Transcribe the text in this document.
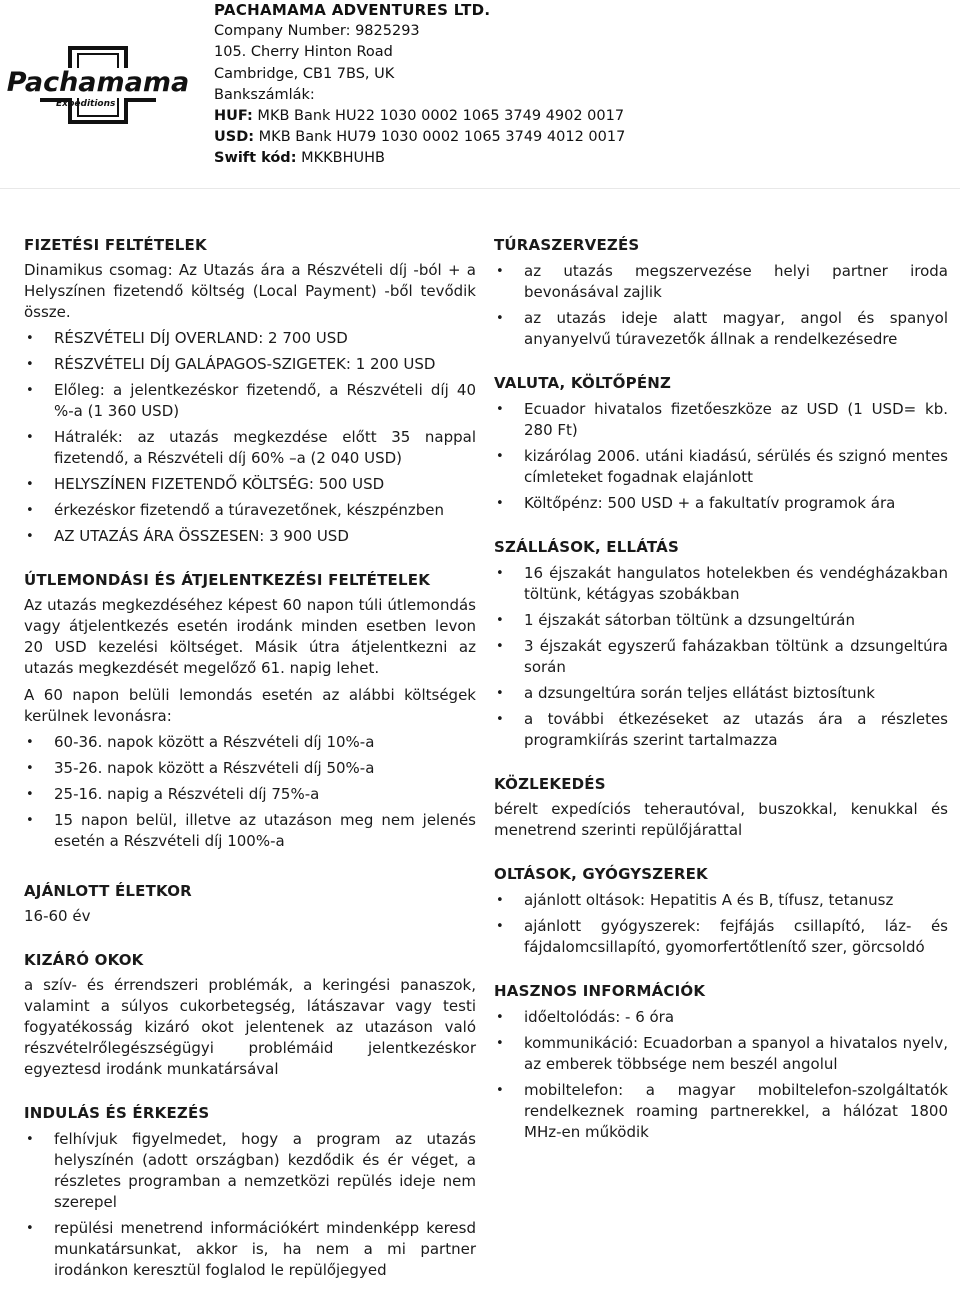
Pachamama
Expeditions
PACHAMAMA ADVENTURES LTD.
Company Number: 9825293
105. Cherry Hinton Road
Cambridge, CB1 7BS, UK
Bankszámlák:
HUF: MKB Bank HU22 1030 0002 1065 3749 4902 0017
USD: MKB Bank HU79 1030 0002 1065 3749 4012 0017
Swift kód: MKKBHUHB
FIZETÉSI FELTÉTELEK

Dinamikus csomag: Az Utazás ára a Részvételi díj -ból + a Helyszínen fizetendő költség (Local Payment) -ből tevődik össze.

• RÉSZVÉTELI DÍJ OVERLAND: 2 700 USD
• RÉSZVÉTELI DÍJ GALÁPAGOS-SZIGETEK: 1 200 USD
• Előleg: a jelentkezéskor fizetendő, a Részvételi díj 40 %-a (1 360 USD)
• Hátralék: az utazás megkezdése előtt 35 nappal fizetendő, a Részvételi díj 60% –a (2 040 USD)
• HELYSZÍNEN FIZETENDŐ KÖLTSÉG: 500 USD
• érkezéskor fizetendő a túravezetőnek, készpénzben
• AZ UTAZÁS ÁRA ÖSSZESEN: 3 900 USD
ÚTLEMONDÁSI ÉS ÁTJELENTKEZÉSI FELTÉTELEK

Az utazás megkezdéséhez képest 60 napon túli útlemondás vagy átjelentkezés esetén irodánk minden esetben levon 20 USD kezelési költséget. Másik útra átjelentkezni az utazás megkezdését megelőző 61. napig lehet.

A 60 napon belüli lemondás esetén az alábbi költségek kerülnek levonásra:

• 60-36. napok között a Részvételi díj 10%-a
• 35-26. napok között a Részvételi díj 50%-a
• 25-16. napig a Részvételi díj 75%-a
• 15 napon belül, illetve az utazáson meg nem jelenés esetén a Részvételi díj 100%-a
AJÁNLOTT ÉLETKOR

16-60 év

KIZÁRÓ OKOK

a szív- és érrendszeri problémák, a keringési panaszok, valamint a súlyos cukorbetegség, látászavar vagy testi fogyatékosság kizáró okot jelentenek az utazáson való részvételrőlegészségügyi problémáid jelentkezéskor egyeztesd irodánk munkatársával

INDULÁS ÉS ÉRKEZÉS
• felhívjuk figyelmedet, hogy a program az utazás helyszínén (adott országban) kezdődik és ér véget, a részletes programban a nemzetközi repülés ideje nem szerepel
• repülési menetrend információkért mindenképp keresd munkatársunkat, akkor is, ha nem a mi partner irodánkon keresztül foglalod le repülőjegyed
TÚRASZERVEZÉS
• az utazás megszervezése helyi partner iroda bevonásával zajlik
• az utazás ideje alatt magyar, angol és spanyol anyanyelvű túravezetők állnak a rendelkezésedre
VALUTA, KÖLTŐPÉNZ
• Ecuador hivatalos fizetőeszköze az USD (1 USD= kb. 280 Ft)
• kizárólag 2006. utáni kiadású, sérülés és szignó mentes címleteket fogadnak elajánlott
• Költőpénz: 500 USD + a fakultatív programok ára
SZÁLLÁSOK, ELLÁTÁS
• 16 éjszakát hangulatos hotelekben és vendégházakban töltünk, kétágyas szobákban
• 1 éjszakát sátorban töltünk a dzsungeltúrán
• 3 éjszakát egyszerű faházakban töltünk a dzsungeltúra során
• a dzsungeltúra során teljes ellátást biztosítunk
• a további étkezéseket az utazás ára a részletes programkiírás szerint tartalmazza
KÖZLEKEDÉS

bérelt expedíciós teherautóval, buszokkal, kenukkal és menetrend szerinti repülőjárattal

OLTÁSOK, GYÓGYSZEREK
• ajánlott oltások: Hepatitis A és B, tífusz, tetanusz
• ajánlott gyógyszerek: fejfájás csillapító, láz- és fájdalomcsillapító, gyomorfertőtlenítő szer, görcsoldó
HASZNOS INFORMÁCIÓK
• időeltolódás: - 6 óra
• kommunikáció: Ecuadorban a spanyol a hivatalos nyelv, az emberek többsége nem beszél angolul
• mobiltelefon: a magyar mobiltelefon-szolgáltatók rendelkeznek roaming partnerekkel, a hálózat 1800 MHz-en működik
